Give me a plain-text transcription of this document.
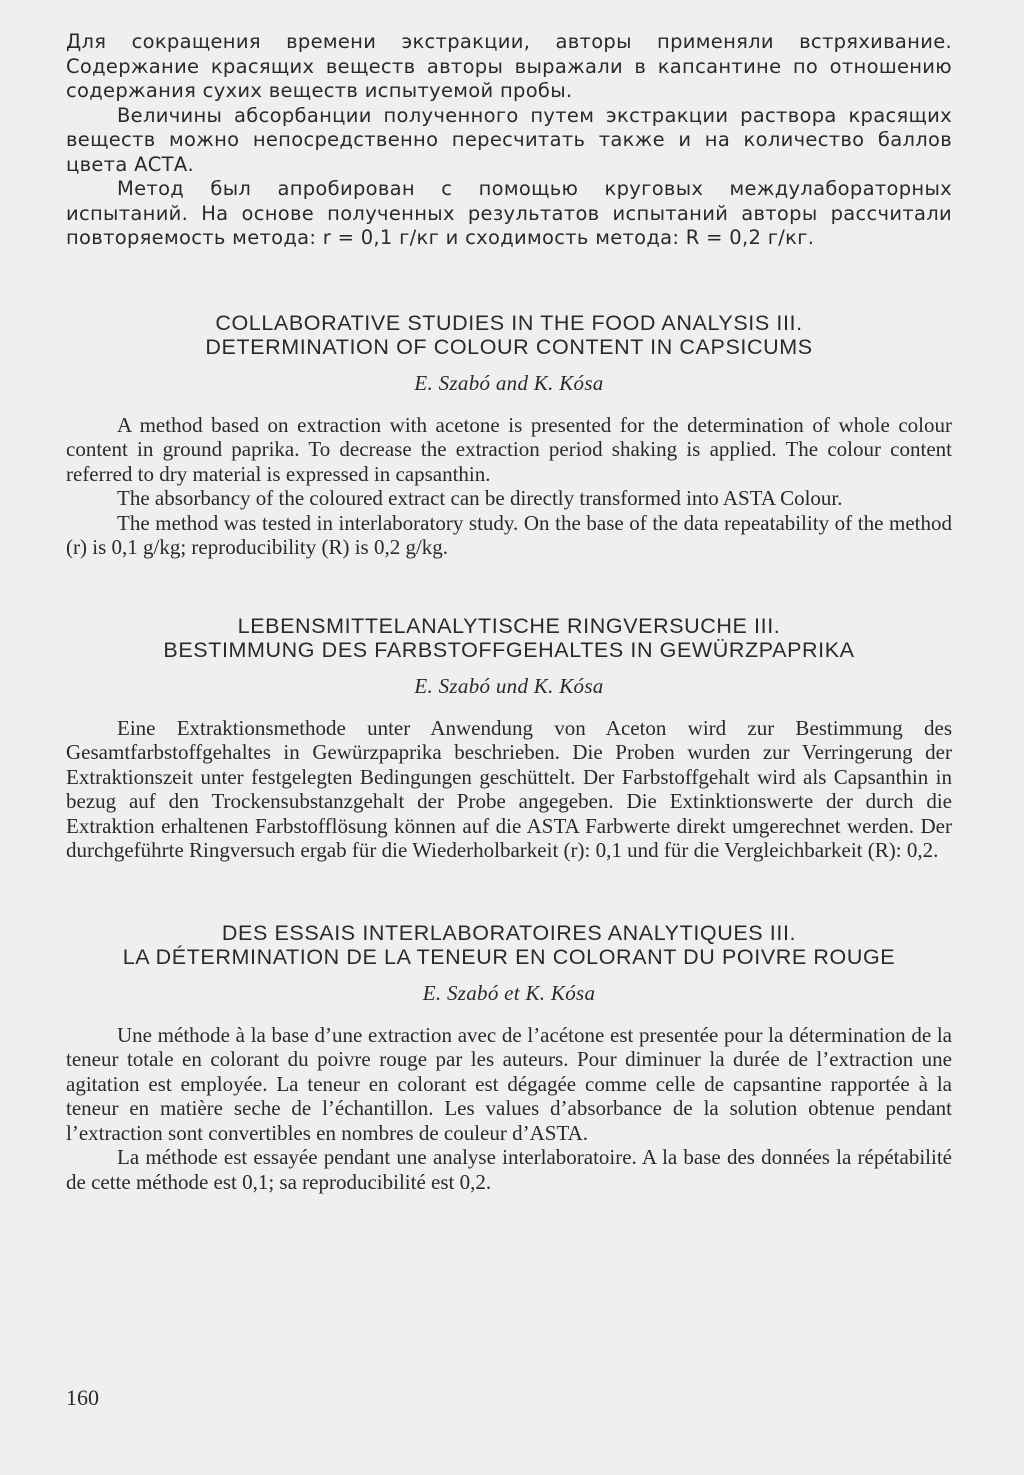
Для сокращения времени экстракции, авторы применяли встряхивание. Содержание красящих веществ авторы выражали в капсантине по отношению содержания сухих веществ испытуемой пробы.

Величины абсорбанции полученного путем экстракции раствора красящих веществ можно непосредственно пересчитать также и на количество баллов цвета АСТА.

Метод был апробирован с помощью круговых междулабораторных испытаний. На основе полученных результатов испытаний авторы рассчитали повторяемость метода: r = 0,1 г/кг и сходимость метода: R = 0,2 г/кг.

COLLABORATIVE STUDIES IN THE FOOD ANALYSIS III.

DETERMINATION OF COLOUR CONTENT IN CAPSICUMS

E. Szabó and K. Kósa

A method based on extraction with acetone is presented for the determination of whole colour content in ground paprika. To decrease the extraction period shaking is applied. The colour content referred to dry material is expressed in capsanthin.

The absorbancy of the coloured extract can be directly transformed into ASTA Colour.

The method was tested in interlaboratory study. On the base of the data repeatability of the method (r) is 0,1 g/kg; reproducibility (R) is 0,2 g/kg.

LEBENSMITTELANALYTISCHE RINGVERSUCHE III.

BESTIMMUNG DES FARBSTOFFGEHALTES IN GEWÜRZPAPRIKA

E. Szabó und K. Kósa

Eine Extraktionsmethode unter Anwendung von Aceton wird zur Bestimmung des Gesamtfarbstoffgehaltes in Gewürzpaprika beschrieben. Die Proben wurden zur Verringerung der Extraktionszeit unter festgelegten Bedingungen geschüttelt. Der Farbstoffgehalt wird als Capsanthin in bezug auf den Trockensubstanzgehalt der Probe angegeben. Die Extinktionswerte der durch die Extraktion erhaltenen Farbstofflösung können auf die ASTA Farbwerte direkt umgerechnet werden. Der durchgeführte Ringversuch ergab für die Wiederholbarkeit (r): 0,1 und für die Vergleichbarkeit (R): 0,2.

DES ESSAIS INTERLABORATOIRES ANALYTIQUES III.

LA DÉTERMINATION DE LA TENEUR EN COLORANT DU POIVRE ROUGE

E. Szabó et K. Kósa

Une méthode à la base d’une extraction avec de l’acétone est presentée pour la détermination de la teneur totale en colorant du poivre rouge par les auteurs. Pour diminuer la durée de l’extraction une agitation est employée. La teneur en colorant est dégagée comme celle de capsantine rapportée à la teneur en matière seche de l’échantillon. Les values d’absorbance de la solution obtenue pendant l’extraction sont convertibles en nombres de couleur d’ASTA.

La méthode est essayée pendant une analyse interlaboratoire. A la base des données la répétabilité de cette méthode est 0,1; sa reproducibilité est 0,2.

160
